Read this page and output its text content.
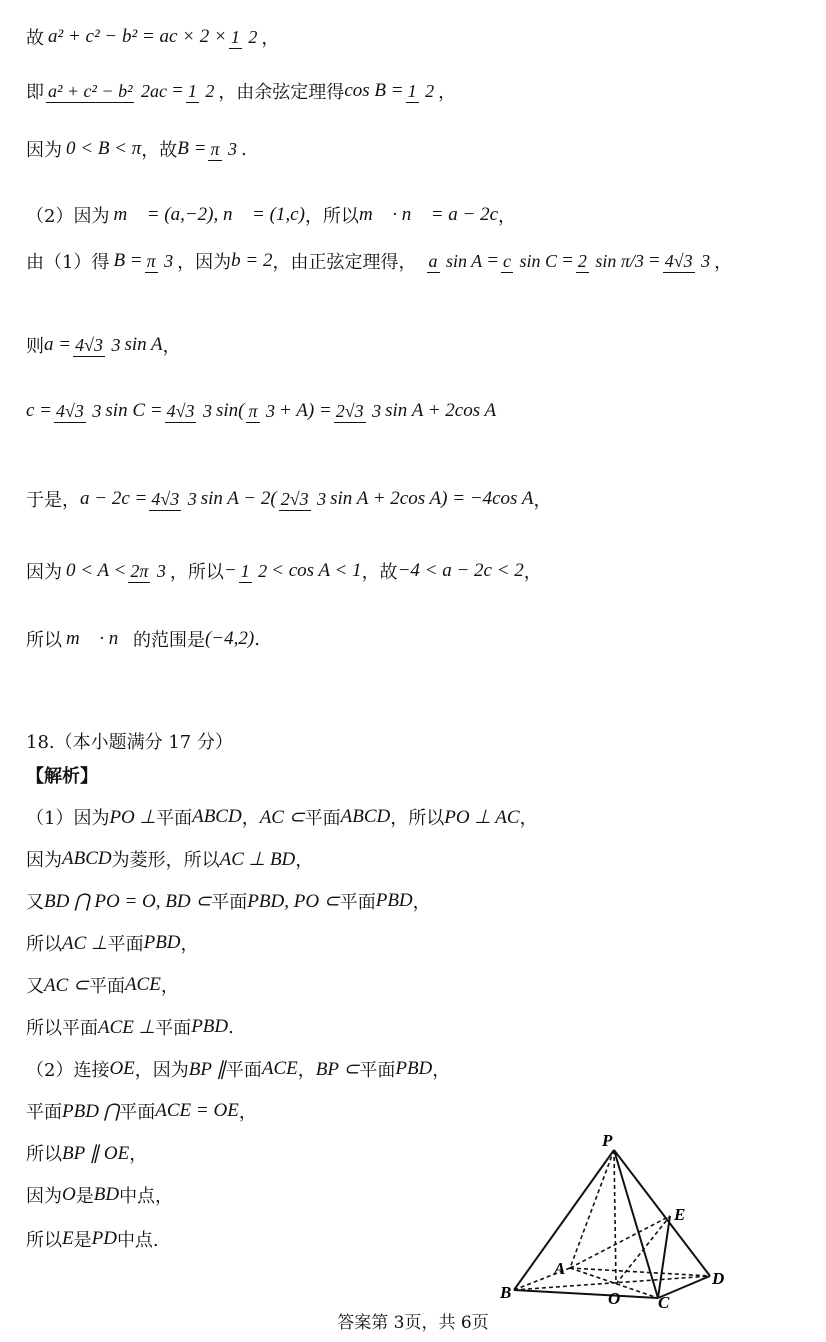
故 a² + c² − b² = ac × 2 × 1 2 ，
即 a² + c² − b² 2ac = 1 2 ，由余弦定理得 cos B = 1 2 ，
因为 0 < B < π ，故 B = π 3 .
（2）因为 m⃗ = (a,−2), n⃗ = (1,c) ，所以 m⃗ · n⃗ = a − 2c ，
由（1）得 B = π 3 ，因为 b = 2 ，由正弦定理得， a sin A = c sin C = 2 sin π/3 = 4√3 3 ，
则 a = 4√3 3 sin A ，
c = 4√3 3 sin C = 4√3 3 sin( π 3 + A) = 2√3 3 sin A + 2cos A
于是， a − 2c = 4√3 3 sin A − 2( 2√3 3 sin A + 2cos A) = −4cos A ，
因为 0 < A < 2π 3 ，所以 − 1 2 < cos A < 1 ，故 −4 < a − 2c < 2 ，
所以 m⃗ · n⃗ 的范围是 (−4,2) .
18.（本小题满分 17 分）
【解析】
（1）因为 PO ⊥ 平面 ABCD ， AC ⊂ 平面 ABCD ，所以 PO ⊥ AC ，
因为 ABCD 为菱形，所以 AC ⊥ BD ，
又 BD ⋂ PO = O, BD ⊂ 平面 PBD, PO ⊂ 平面 PBD ，
所以 AC ⊥ 平面 PBD ，
又 AC ⊂ 平面 ACE ，
所以平面 ACE ⊥ 平面 PBD .
（2）连接 OE ，因为 BP ∥ 平面 ACE ， BP ⊂ 平面 PBD ，
平面 PBD ⋂ 平面 ACE = OE ，
所以 BP ∥ OE ，
因为 O 是 BD 中点，
所以 E 是 PD 中点.
P
E
A
D
O
B
C
答案第 3页，共 6页
